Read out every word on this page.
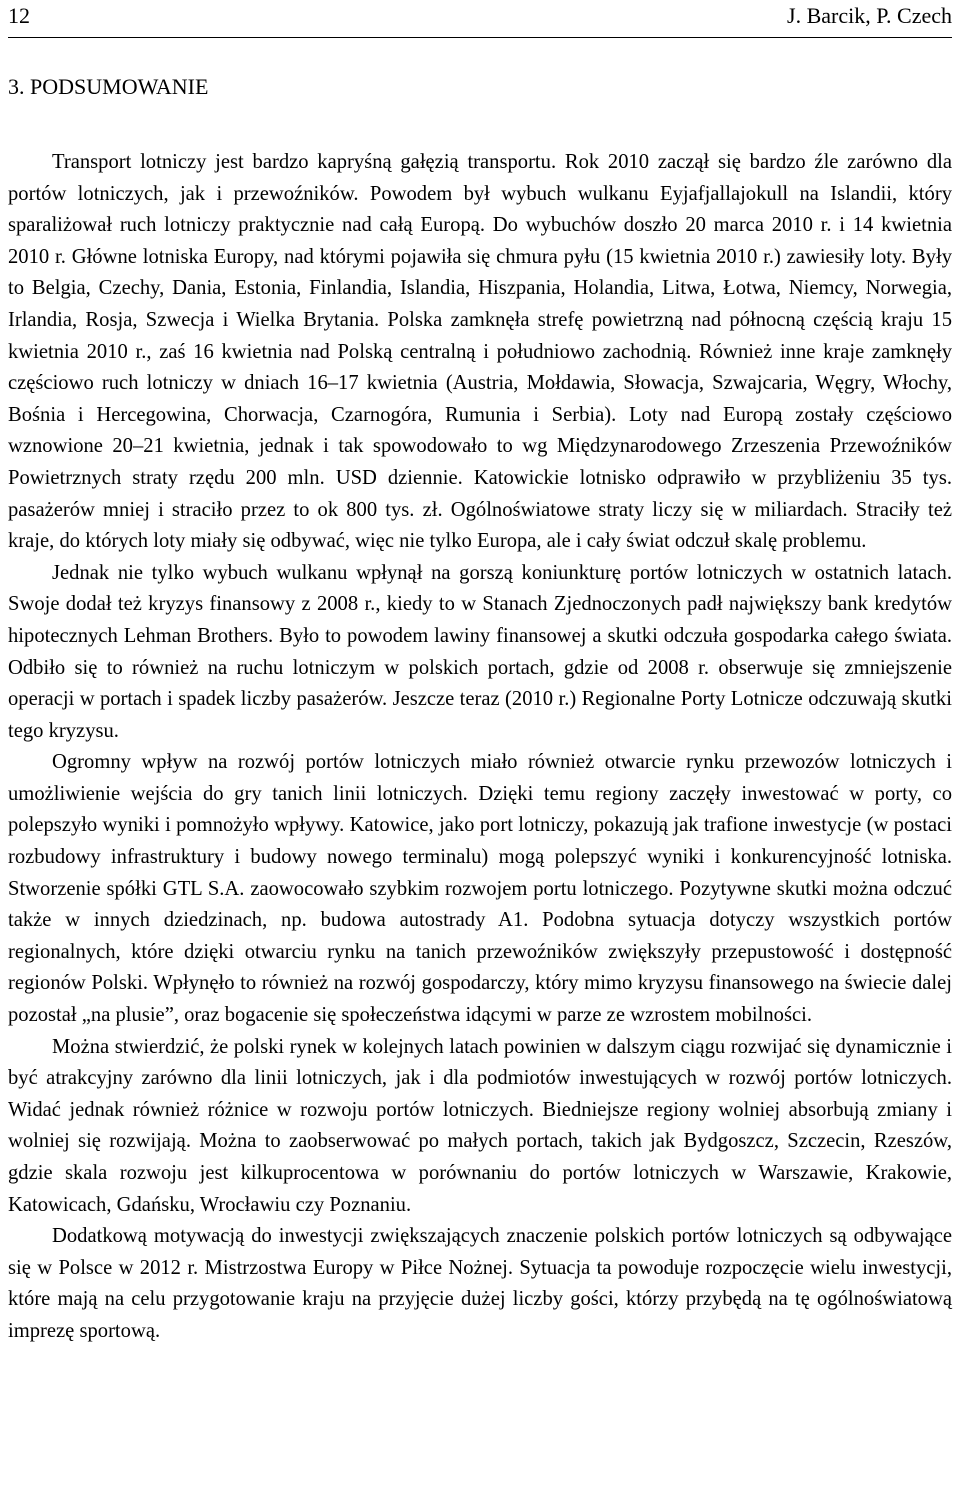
12	J. Barcik, P. Czech
3. PODSUMOWANIE

Transport lotniczy jest bardzo kapryśną gałęzią transportu. Rok 2010 zaczął się bardzo źle zarówno dla portów lotniczych, jak i przewoźników. Powodem był wybuch wulkanu Eyjafjallajokull na Islandii, który sparaliżował ruch lotniczy praktycznie nad całą Europą. Do wybuchów doszło 20 marca 2010 r. i 14 kwietnia 2010 r. Główne lotniska Europy, nad którymi pojawiła się chmura pyłu (15 kwietnia 2010 r.) zawiesiły loty. Były to Belgia, Czechy, Dania, Estonia, Finlandia, Islandia, Hiszpania, Holandia, Litwa, Łotwa, Niemcy, Norwegia, Irlandia, Rosja, Szwecja i Wielka Brytania. Polska zamknęła strefę powietrzną nad północną częścią kraju 15 kwietnia 2010 r., zaś 16 kwietnia nad Polską centralną i południowo zachodnią. Również inne kraje zamknęły częściowo ruch lotniczy w dniach 16–17 kwietnia (Austria, Mołdawia, Słowacja, Szwajcaria, Węgry, Włochy, Bośnia i Hercegowina, Chorwacja, Czarnogóra, Rumunia i Serbia). Loty nad Europą zostały częściowo wznowione 20–21 kwietnia, jednak i tak spowodowało to wg Międzynarodowego Zrzeszenia Przewoźników Powietrznych straty rzędu 200 mln. USD dziennie. Katowickie lotnisko odprawiło w przybliżeniu 35 tys. pasażerów mniej i straciło przez to ok 800 tys. zł. Ogólnoświatowe straty liczy się w miliardach. Straciły też kraje, do których loty miały się odbywać, więc nie tylko Europa, ale i cały świat odczuł skalę problemu.

Jednak nie tylko wybuch wulkanu wpłynął na gorszą koniunkturę portów lotniczych w ostatnich latach. Swoje dodał też kryzys finansowy z 2008 r., kiedy to w Stanach Zjednoczonych padł największy bank kredytów hipotecznych Lehman Brothers. Było to powodem lawiny finansowej a skutki odczuła gospodarka całego świata. Odbiło się to również na ruchu lotniczym w polskich portach, gdzie od 2008 r. obserwuje się zmniejszenie operacji w portach i spadek liczby pasażerów. Jeszcze teraz (2010 r.) Regionalne Porty Lotnicze odczuwają skutki tego kryzysu.

Ogromny wpływ na rozwój portów lotniczych miało również otwarcie rynku przewozów lotniczych i umożliwienie wejścia do gry tanich linii lotniczych. Dzięki temu regiony zaczęły inwestować w porty, co polepszyło wyniki i pomnożyło wpływy. Katowice, jako port lotniczy, pokazują jak trafione inwestycje (w postaci rozbudowy infrastruktury i budowy nowego terminalu) mogą polepszyć wyniki i konkurencyjność lotniska. Stworzenie spółki GTL S.A. zaowocowało szybkim rozwojem portu lotniczego. Pozytywne skutki można odczuć także w innych dziedzinach, np. budowa autostrady A1. Podobna sytuacja dotyczy wszystkich portów regionalnych, które dzięki otwarciu rynku na tanich przewoźników zwiększyły przepustowość i dostępność regionów Polski. Wpłynęło to również na rozwój gospodarczy, który mimo kryzysu finansowego na świecie dalej pozostał „na plusie”, oraz bogacenie się społeczeństwa idącymi w parze ze wzrostem mobilności.

Można stwierdzić, że polski rynek w kolejnych latach powinien w dalszym ciągu rozwijać się dynamicznie i być atrakcyjny zarówno dla linii lotniczych, jak i dla podmiotów inwestujących w rozwój portów lotniczych. Widać jednak również różnice w rozwoju portów lotniczych. Biedniejsze regiony wolniej absorbują zmiany i wolniej się rozwijają. Można to zaobserwować po małych portach, takich jak Bydgoszcz, Szczecin, Rzeszów, gdzie skala rozwoju jest kilkuprocentowa w porównaniu do portów lotniczych w Warszawie, Krakowie, Katowicach, Gdańsku, Wrocławiu czy Poznaniu.

Dodatkową motywacją do inwestycji zwiększających znaczenie polskich portów lotniczych są odbywające się w Polsce w 2012 r. Mistrzostwa Europy w Piłce Nożnej. Sytuacja ta powoduje rozpoczęcie wielu inwestycji, które mają na celu przygotowanie kraju na przyjęcie dużej liczby gości, którzy przybędą na tę ogólnoświatową imprezę sportową.
